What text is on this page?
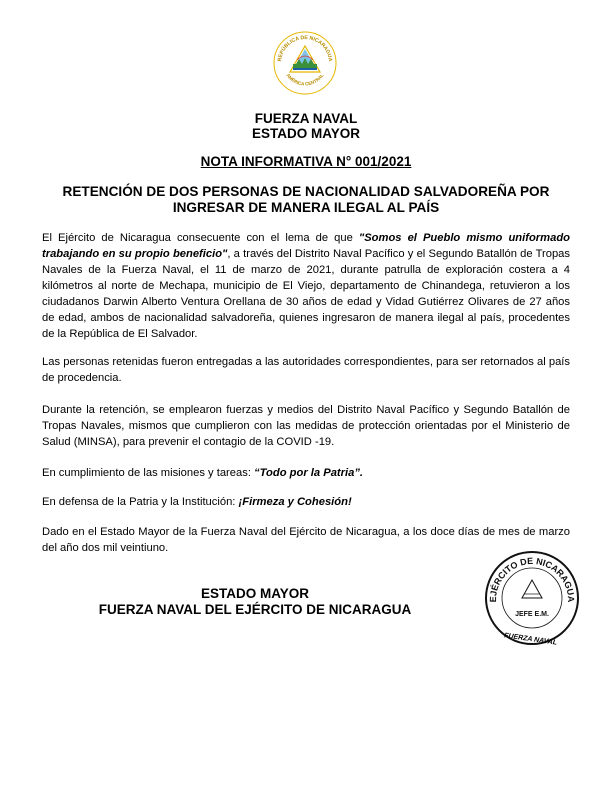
REPÚBLICA DE NICARAGUA
AMÉRICA CENTRAL
FUERZA NAVAL
ESTADO MAYOR
NOTA INFORMATIVA N° 001/2021
RETENCIÓN DE DOS PERSONAS DE NACIONALIDAD SALVADOREÑA POR
INGRESAR DE MANERA ILEGAL AL PAÍS

El Ejército de Nicaragua consecuente con el lema de que "Somos el Pueblo mismo uniformado trabajando en su propio beneficio", a través del Distrito Naval Pacífico y el Segundo Batallón de Tropas Navales de la Fuerza Naval, el 11 de marzo de 2021, durante patrulla de exploración costera a 4 kilómetros al norte de Mechapa, municipio de El Viejo, departamento de Chinandega, retuvieron a los ciudadanos Darwin Alberto Ventura Orellana de 30 años de edad y Vidad Gutiérrez Olivares de 27 años de edad, ambos de nacionalidad salvadoreña, quienes ingresaron de manera ilegal al país, procedentes de la República de El Salvador.

Las personas retenidas fueron entregadas a las autoridades correspondientes, para ser retornados al país de procedencia.

Durante la retención, se emplearon fuerzas y medios del Distrito Naval Pacífico y Segundo Batallón de Tropas Navales, mismos que cumplieron con las medidas de protección orientadas por el Ministerio de Salud (MINSA), para prevenir el contagio de la COVID -19.

En cumplimiento de las misiones y tareas: “Todo por la Patria”.

En defensa de la Patria y la Institución: ¡Firmeza y Cohesión!

Dado en el Estado Mayor de la Fuerza Naval del Ejército de Nicaragua, a los doce días de mes de marzo del año dos mil veintiuno.

ESTADO MAYOR
FUERZA NAVAL DEL EJÉRCITO DE NICARAGUA
EJÉRCITO DE NICARAGUA
JEFE E.M.
FUERZA NAVAL
